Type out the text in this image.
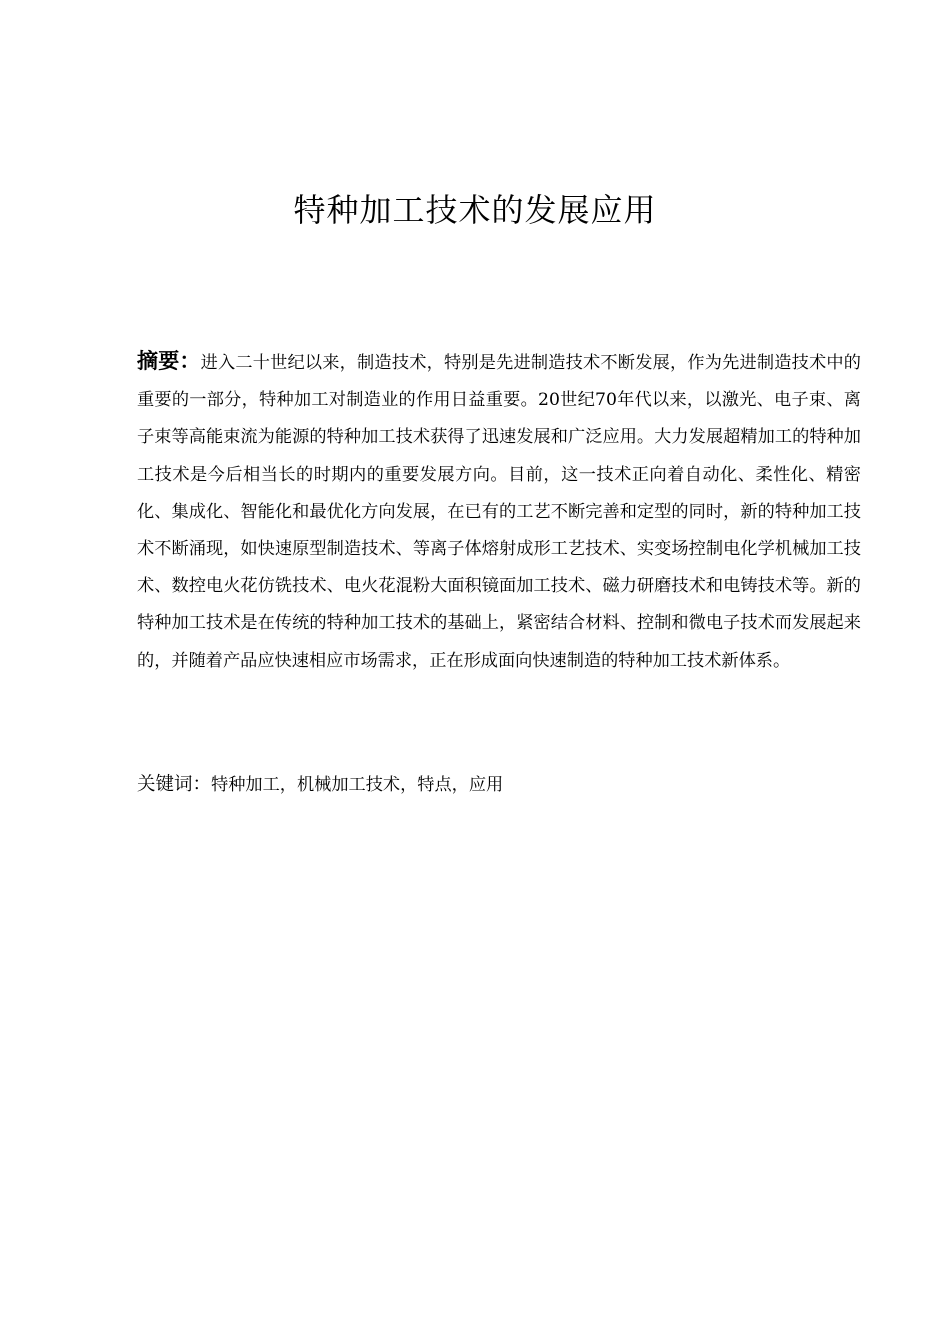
特种加工技术的发展应用

摘要：进入二十世纪以来，制造技术，特别是先进制造技术不断发展，作为先进制造技术中的重要的一部分，特种加工对制造业的作用日益重要。20世纪70年代以来，以激光、电子束、离子束等高能束流为能源的特种加工技术获得了迅速发展和广泛应用。大力发展超精加工的特种加工技术是今后相当长的时期内的重要发展方向。目前，这一技术正向着自动化、柔性化、精密化、集成化、智能化和最优化方向发展，在已有的工艺不断完善和定型的同时，新的特种加工技术不断涌现，如快速原型制造技术、等离子体熔射成形工艺技术、实变场控制电化学机械加工技术、数控电火花仿铣技术、电火花混粉大面积镜面加工技术、磁力研磨技术和电铸技术等。新的特种加工技术是在传统的特种加工技术的基础上，紧密结合材料、控制和微电子技术而发展起来的，并随着产品应快速相应市场需求，正在形成面向快速制造的特种加工技术新体系。

关键词：特种加工，机械加工技术，特点，应用
